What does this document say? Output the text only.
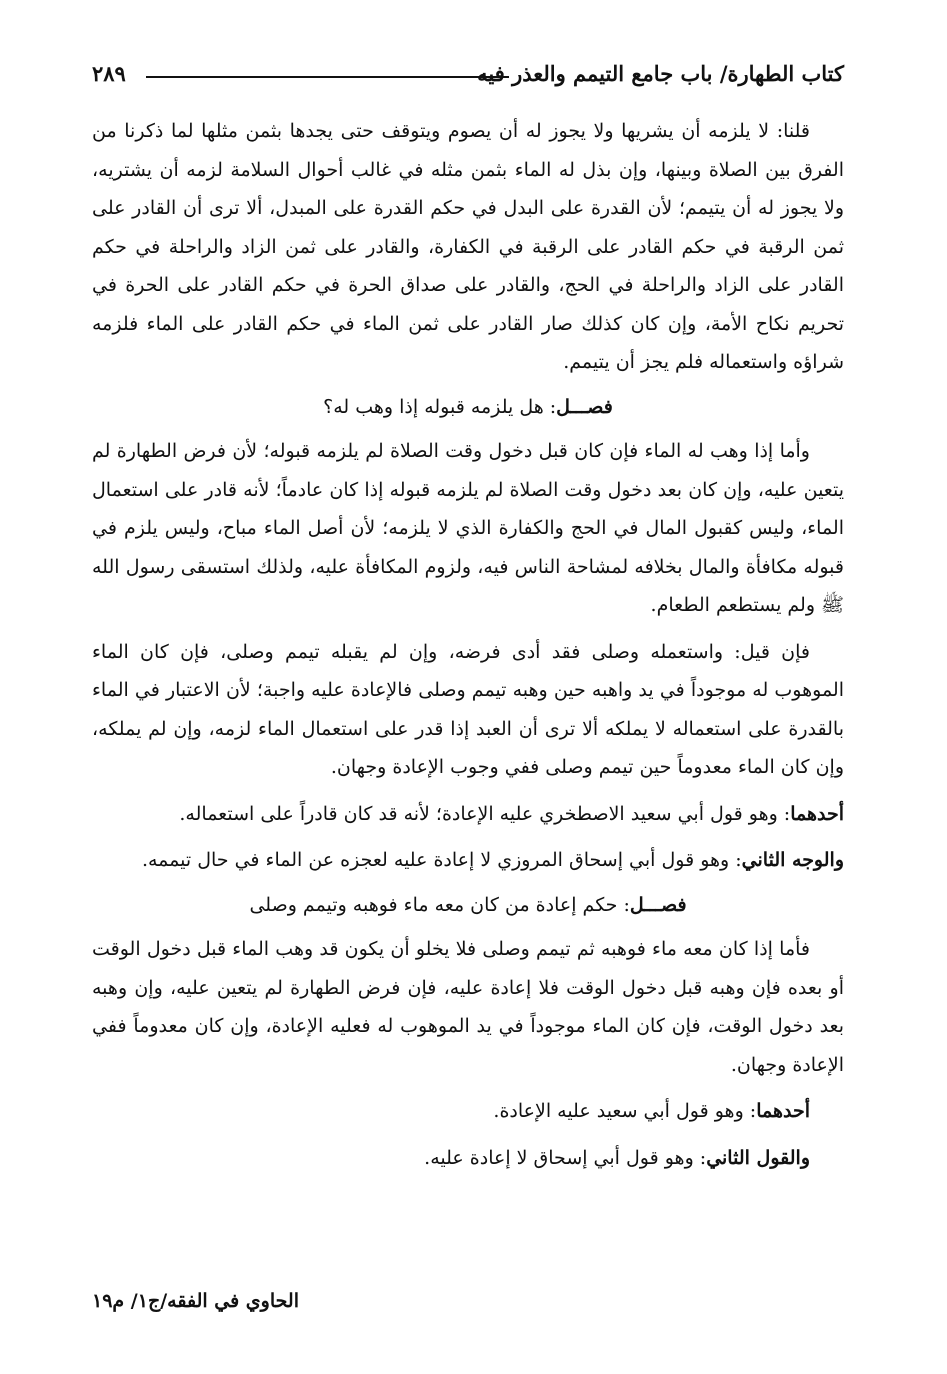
كتاب الطهارة/ باب جامع التيمم والعذر فيه
٢٨٩

قلنا: لا يلزمه أن يشريها ولا يجوز له أن يصوم ويتوقف حتى يجدها بثمن مثلها لما ذكرنا من الفرق بين الصلاة وبينها، وإن بذل له الماء بثمن مثله في غالب أحوال السلامة لزمه أن يشتريه، ولا يجوز له أن يتيمم؛ لأن القدرة على البدل في حكم القدرة على المبدل، ألا ترى أن القادر على ثمن الرقبة في حكم القادر على الرقبة في الكفارة، والقادر على ثمن الزاد والراحلة في حكم القادر على الزاد والراحلة في الحج، والقادر على صداق الحرة في حكم القادر على الحرة في تحريم نكاح الأمة، وإن كان كذلك صار القادر على ثمن الماء في حكم القادر على الماء فلزمه شراؤه واستعماله فلم يجز أن يتيمم.

فصـــل: هل يلزمه قبوله إذا وهب له؟

وأما إذا وهب له الماء فإن كان قبل دخول وقت الصلاة لم يلزمه قبوله؛ لأن فرض الطهارة لم يتعين عليه، وإن كان بعد دخول وقت الصلاة لم يلزمه قبوله إذا كان عادماً؛ لأنه قادر على استعمال الماء، وليس كقبول المال في الحج والكفارة الذي لا يلزمه؛ لأن أصل الماء مباح، وليس يلزم في قبوله مكافأة والمال بخلافه لمشاحة الناس فيه، ولزوم المكافأة عليه، ولذلك استسقى رسول الله ﷺ ولم يستطعم الطعام.

فإن قيل: واستعمله وصلى فقد أدى فرضه، وإن لم يقبله تيمم وصلى، فإن كان الماء الموهوب له موجوداً في يد واهبه حين وهبه تيمم وصلى فالإعادة عليه واجبة؛ لأن الاعتبار في الماء بالقدرة على استعماله لا يملكه ألا ترى أن العبد إذا قدر على استعمال الماء لزمه، وإن لم يملكه، وإن كان الماء معدوماً حين تيمم وصلى ففي وجوب الإعادة وجهان.

أحدهما: وهو قول أبي سعيد الاصطخري عليه الإعادة؛ لأنه قد كان قادراً على استعماله.

والوجه الثاني: وهو قول أبي إسحاق المروزي لا إعادة عليه لعجزه عن الماء في حال تيممه.

فصـــل: حكم إعادة من كان معه ماء فوهبه وتيمم وصلى

فأما إذا كان معه ماء فوهبه ثم تيمم وصلى فلا يخلو أن يكون قد وهب الماء قبل دخول الوقت أو بعده فإن وهبه قبل دخول الوقت فلا إعادة عليه، فإن فرض الطهارة لم يتعين عليه، وإن وهبه بعد دخول الوقت، فإن كان الماء موجوداً في يد الموهوب له فعليه الإعادة، وإن كان معدوماً ففي الإعادة وجهان.

أحدهما: وهو قول أبي سعيد عليه الإعادة.

والقول الثاني: وهو قول أبي إسحاق لا إعادة عليه.

الحاوي في الفقه/ج١/ م١٩
